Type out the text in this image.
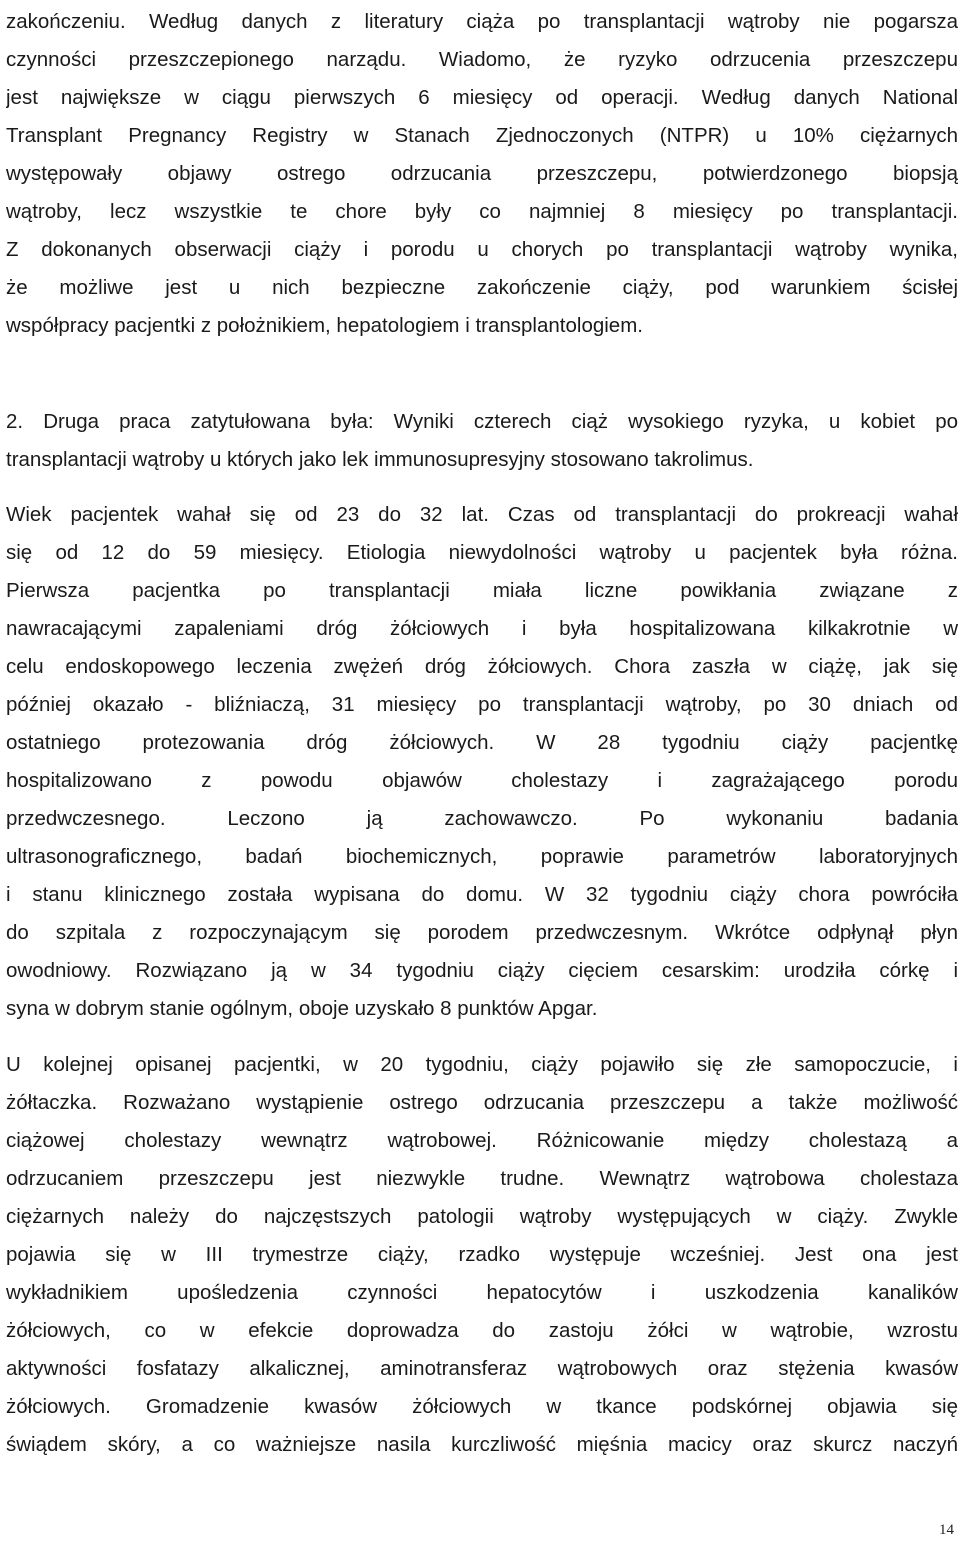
zakończeniu. Według danych z literatury ciąża po transplantacji wątroby nie pogarsza
czynności przeszczepionego narządu. Wiadomo, że ryzyko odrzucenia przeszczepu
jest największe w ciągu pierwszych 6 miesięcy od operacji. Według danych National
Transplant Pregnancy Registry w Stanach Zjednoczonych (NTPR) u 10% ciężarnych
występowały objawy ostrego odrzucania przeszczepu, potwierdzonego biopsją
wątroby, lecz wszystkie te chore były co najmniej 8 miesięcy po transplantacji.
Z dokonanych obserwacji ciąży i porodu u chorych po transplantacji wątroby wynika,
że możliwe jest u nich bezpieczne zakończenie ciąży, pod warunkiem ścisłej
współpracy pacjentki z położnikiem, hepatologiem i transplantologiem.
2. Druga praca zatytułowana była: Wyniki czterech ciąż wysokiego ryzyka, u kobiet po
transplantacji wątroby u których jako lek immunosupresyjny stosowano takrolimus.
Wiek pacjentek wahał się od 23 do 32 lat. Czas od transplantacji do prokreacji wahał
się od 12 do 59 miesięcy. Etiologia niewydolności wątroby u pacjentek była różna.
Pierwsza pacjentka po transplantacji miała liczne powikłania związane z
nawracającymi zapaleniami dróg żółciowych i była hospitalizowana kilkakrotnie w
celu endoskopowego leczenia zwężeń dróg żółciowych. Chora zaszła w ciążę, jak się
później okazało - bliźniaczą, 31 miesięcy po transplantacji wątroby, po 30 dniach od
ostatniego protezowania dróg żółciowych. W 28 tygodniu ciąży pacjentkę
hospitalizowano z powodu objawów cholestazy i zagrażającego porodu
przedwczesnego. Leczono ją zachowawczo. Po wykonaniu badania
ultrasonograficznego, badań biochemicznych, poprawie parametrów laboratoryjnych
i stanu klinicznego została wypisana do domu. W 32 tygodniu ciąży chora powróciła
do szpitala z rozpoczynającym się porodem przedwczesnym. Wkrótce odpłynął płyn
owodniowy. Rozwiązano ją w 34 tygodniu ciąży cięciem cesarskim: urodziła córkę i
syna w dobrym stanie ogólnym, oboje uzyskało 8 punktów Apgar.
U kolejnej opisanej pacjentki, w 20 tygodniu, ciąży pojawiło się złe samopoczucie, i
żółtaczka. Rozważano wystąpienie ostrego odrzucania przeszczepu a także możliwość
ciążowej cholestazy wewnątrz wątrobowej. Różnicowanie między cholestazą a
odrzucaniem przeszczepu jest niezwykle trudne. Wewnątrz wątrobowa cholestaza
ciężarnych należy do najczęstszych patologii wątroby występujących w ciąży. Zwykle
pojawia się w III trymestrze ciąży, rzadko występuje wcześniej. Jest ona jest
wykładnikiem upośledzenia czynności hepatocytów i uszkodzenia kanalików
żółciowych, co w efekcie doprowadza do zastoju żółci w wątrobie, wzrostu
aktywności fosfatazy alkalicznej, aminotransferaz wątrobowych oraz stężenia kwasów
żółciowych. Gromadzenie kwasów żółciowych w tkance podskórnej objawia się
świądem skóry, a co ważniejsze nasila kurczliwość mięśnia macicy oraz skurcz naczyń
14
